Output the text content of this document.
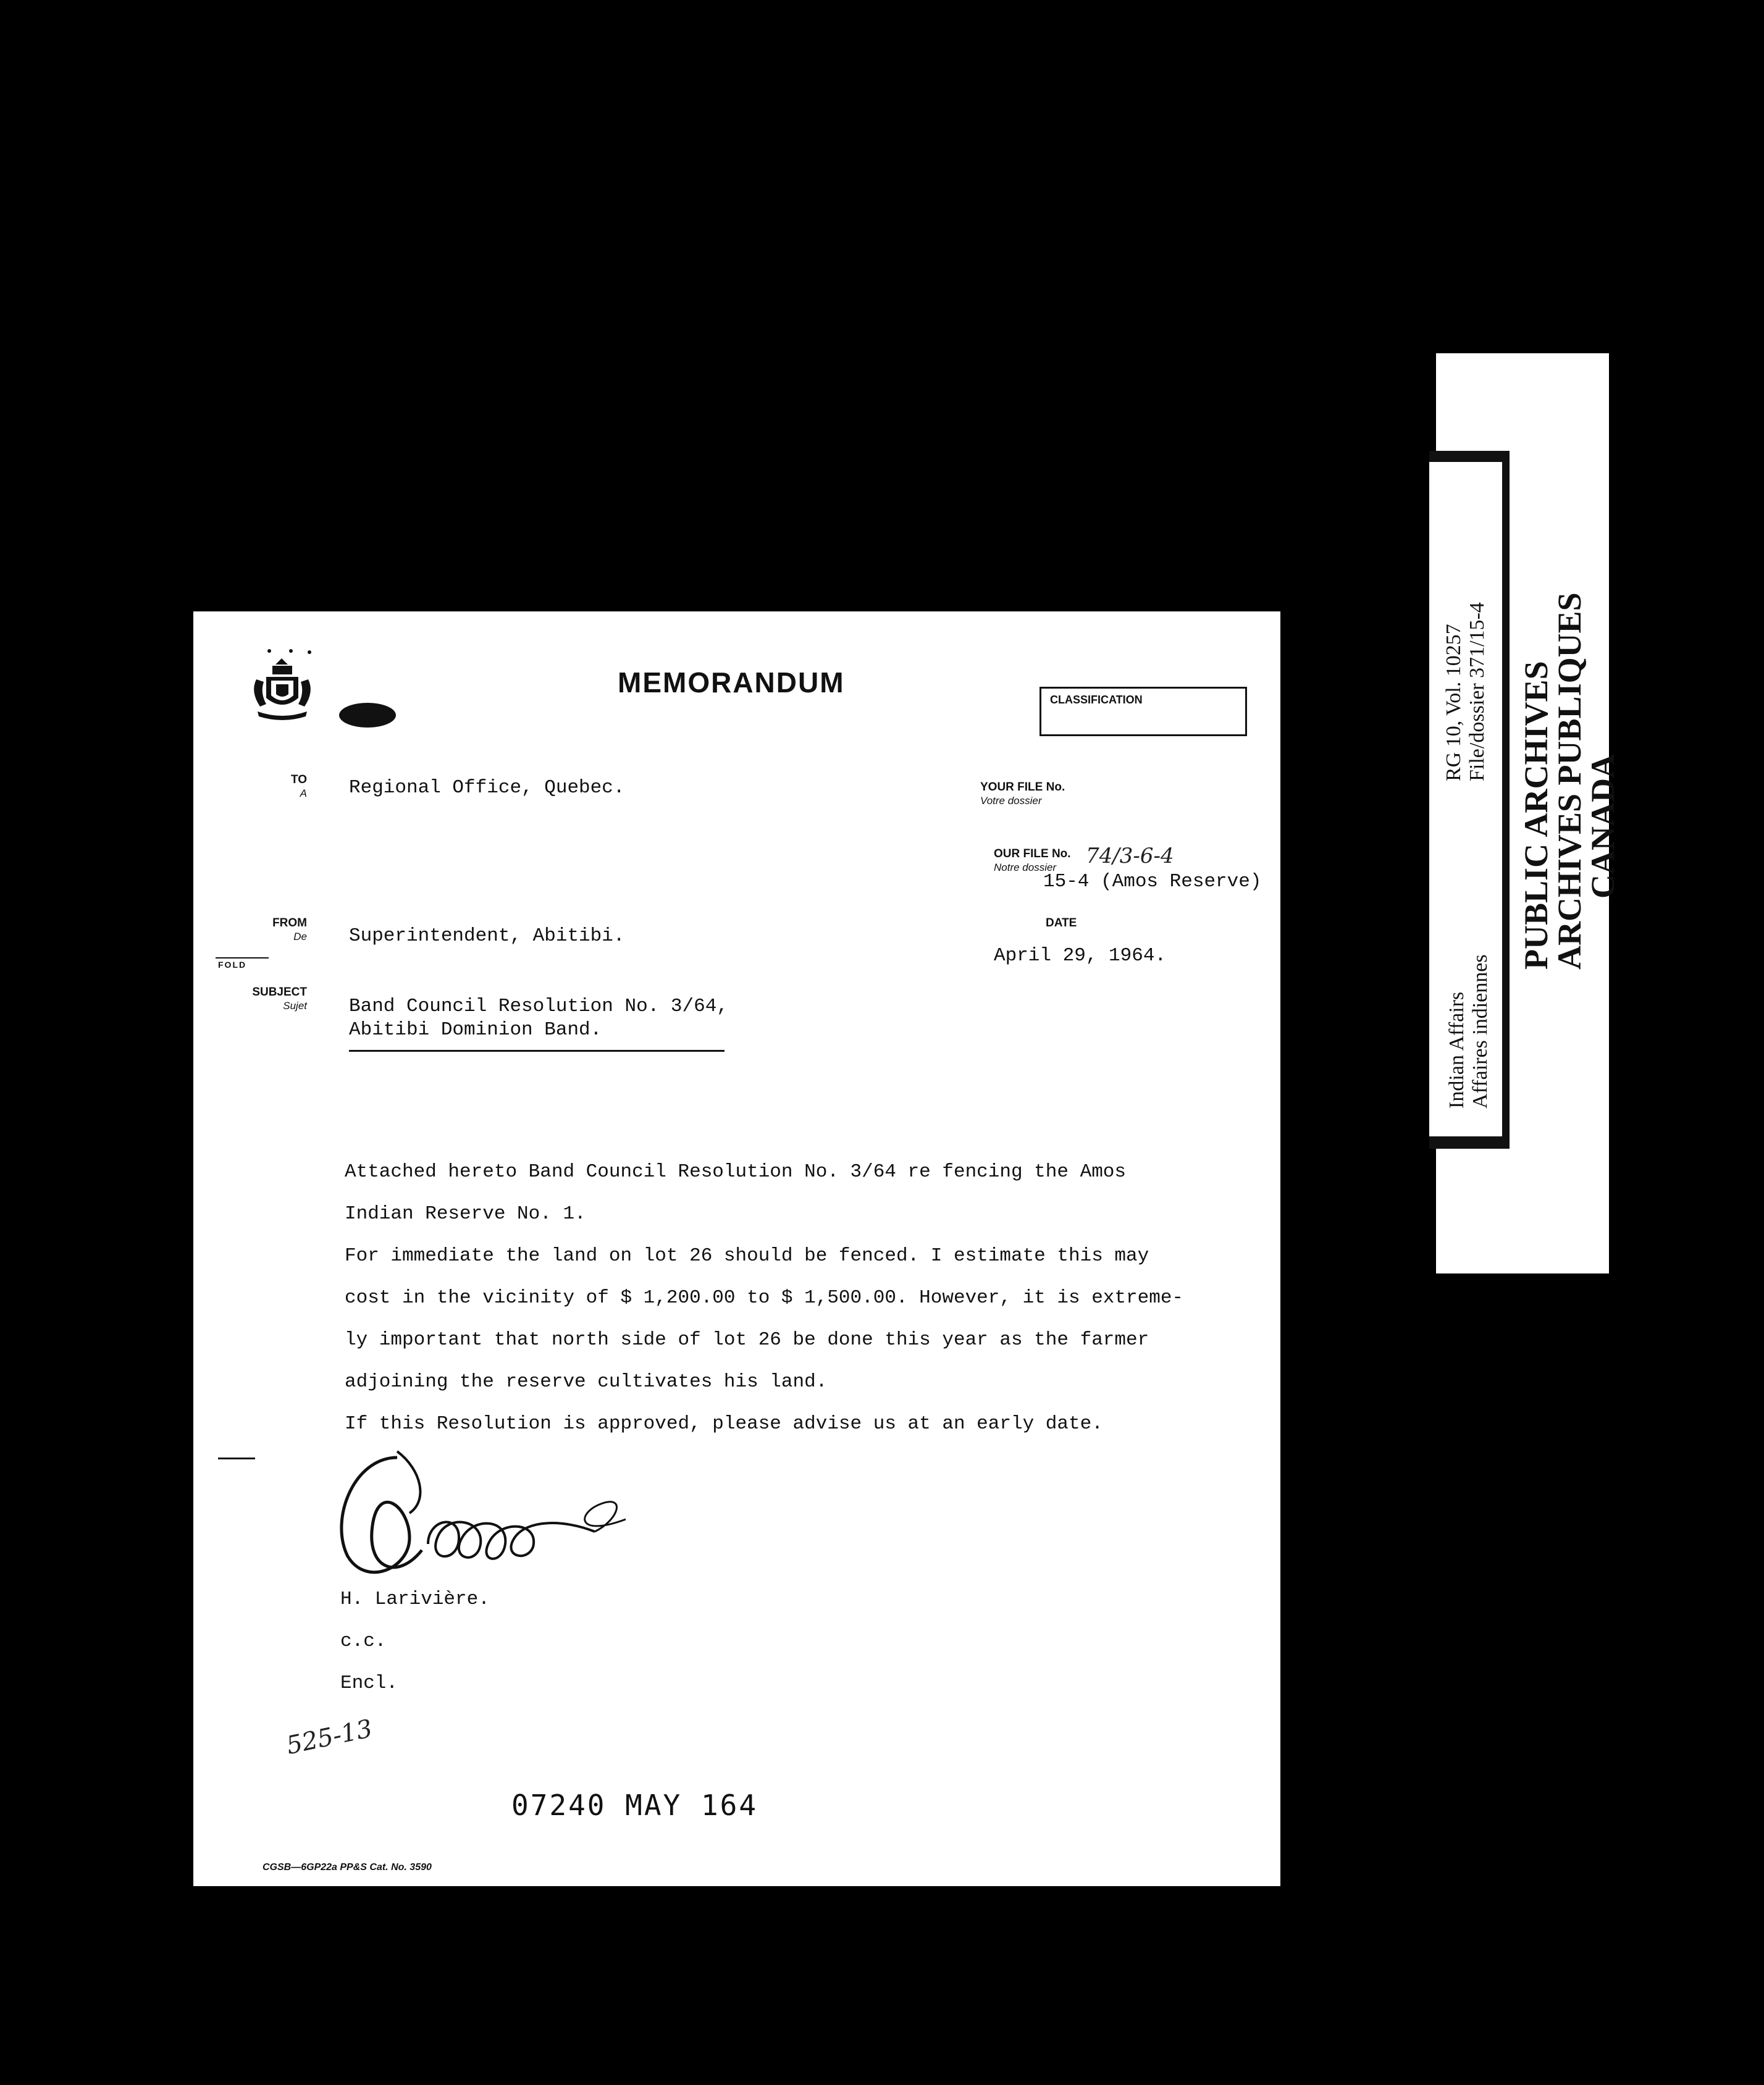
MEMORANDUM
CLASSIFICATION
TO
A Regional Office, Quebec.	YOUR FILE No.
Votre dossier
OUR FILE No.
Notre dossier	74/3-6-4
15-4 (Amos Reserve)
DATE
April 29, 1964.
FROM
De Superintendent, Abitibi.
FOLD
SUBJECT
Sujet Band Council Resolution No. 3/64,
Abitibi Dominion Band.
Attached hereto Band Council Resolution No. 3/64 re fencing the Amos
Indian Reserve No. 1.
For immediate the land on lot 26 should be fenced. I estimate this may
cost in the vicinity of $ 1,200.00 to $ 1,500.00. However, it is extreme-
ly important that north side of lot 26 be done this year as the farmer
adjoining the reserve cultivates his land.
If this Resolution is approved, please advise us at an early date.
H. Larivière.
c.c.
Encl.
525-13
07240 MAY 164
CGSB—6GP22a PP&S Cat. No. 3590
Indian Affairs Affaires indiennes
PUBLIC ARCHIVES
ARCHIVES PUBLIQUES
CANADA
RG 10, Vol. 10257 File/dossier 371/15-4
